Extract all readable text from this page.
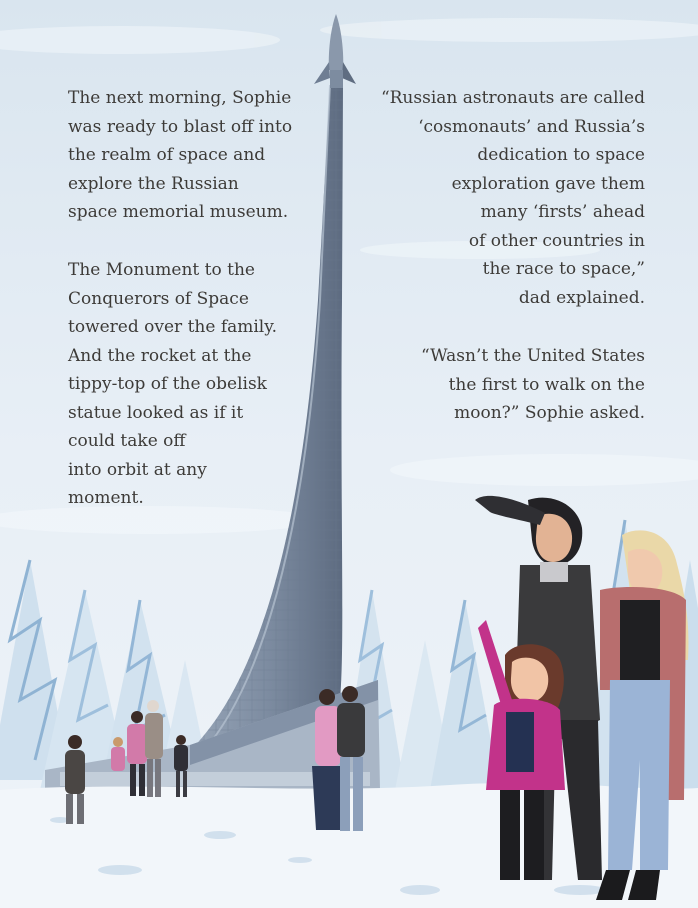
The next morning, Sophie
was ready to blast off into
the realm of space and
explore the Russian
space memorial museum.

The Monument to the
Conquerors of Space
towered over the family.
And the rocket at the
tippy-top of the obelisk
statue looked as if it
could take off
into orbit at any
moment.

“Russian astronauts are called
‘cosmonauts’ and Russia’s
dedication to space
exploration gave them
many ‘firsts’ ahead
of other countries in
the race to space,”
dad explained.

“Wasn’t the United States
the first to walk on the
moon?” Sophie asked.
